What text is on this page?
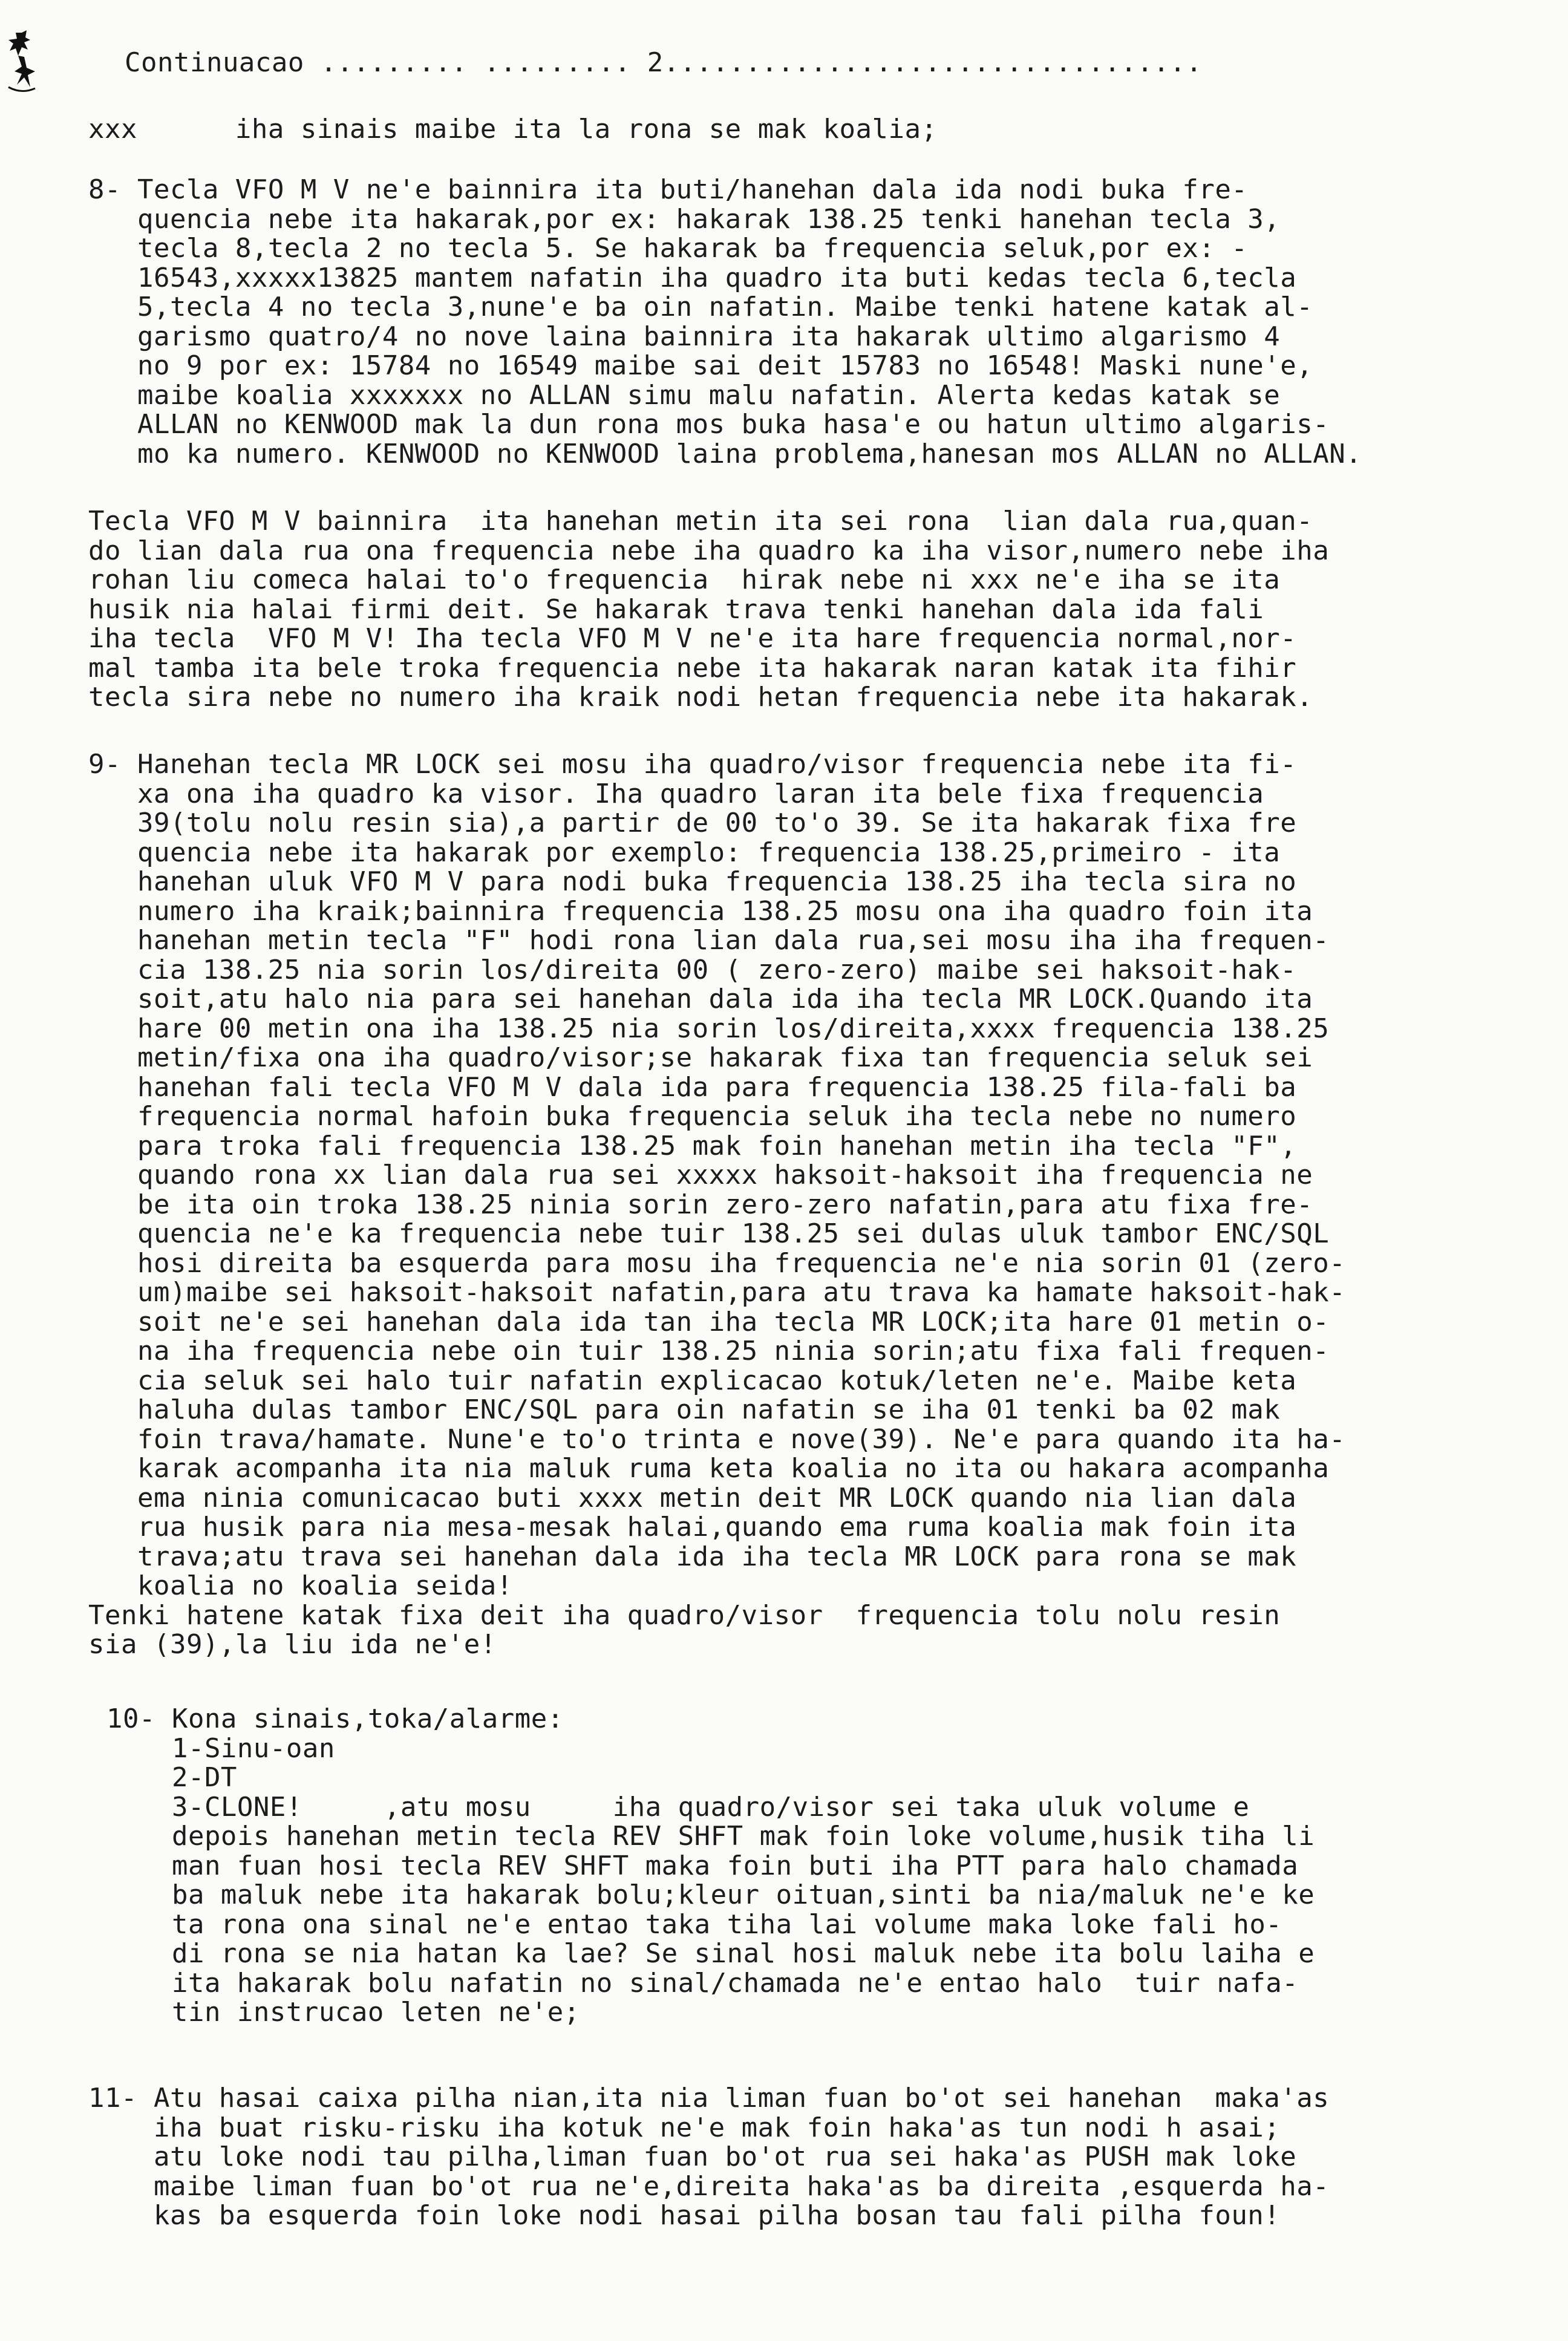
Continuacao ......... ......... 2.................................
xxx      iha sinais maibe ita la rona se mak koalia;
8- Tecla VFO M V ne'e bainnira ita buti/hanehan dala ida nodi buka fre-
quencia nebe ita hakarak,por ex: hakarak 138.25 tenki hanehan tecla 3,
tecla 8,tecla 2 no tecla 5. Se hakarak ba frequencia seluk,por ex: -
16543,xxxxx13825 mantem nafatin iha quadro ita buti kedas tecla 6,tecla
5,tecla 4 no tecla 3,nune'e ba oin nafatin. Maibe tenki hatene katak al-
garismo quatro/4 no nove laina bainnira ita hakarak ultimo algarismo 4
no 9 por ex: 15784 no 16549 maibe sai deit 15783 no 16548! Maski nune'e,
maibe koalia xxxxxxx no ALLAN simu malu nafatin. Alerta kedas katak se
ALLAN no KENWOOD mak la dun rona mos buka hasa'e ou hatun ultimo algaris-
mo ka numero. KENWOOD no KENWOOD laina problema,hanesan mos ALLAN no ALLAN.
Tecla VFO M V bainnira  ita hanehan metin ita sei rona  lian dala rua,quan-
do lian dala rua ona frequencia nebe iha quadro ka iha visor,numero nebe iha
rohan liu comeca halai to'o frequencia  hirak nebe ni xxx ne'e iha se ita
husik nia halai firmi deit. Se hakarak trava tenki hanehan dala ida fali
iha tecla  VFO M V! Iha tecla VFO M V ne'e ita hare frequencia normal,nor-
mal tamba ita bele troka frequencia nebe ita hakarak naran katak ita fihir
tecla sira nebe no numero iha kraik nodi hetan frequencia nebe ita hakarak.
9- Hanehan tecla MR LOCK sei mosu iha quadro/visor frequencia nebe ita fi-
xa ona iha quadro ka visor. Iha quadro laran ita bele fixa frequencia
39(tolu nolu resin sia),a partir de 00 to'o 39. Se ita hakarak fixa fre
quencia nebe ita hakarak por exemplo: frequencia 138.25,primeiro - ita
hanehan uluk VFO M V para nodi buka frequencia 138.25 iha tecla sira no
numero iha kraik;bainnira frequencia 138.25 mosu ona iha quadro foin ita
hanehan metin tecla "F" hodi rona lian dala rua,sei mosu iha iha frequen-
cia 138.25 nia sorin los/direita 00 ( zero-zero) maibe sei haksoit-hak-
soit,atu halo nia para sei hanehan dala ida iha tecla MR LOCK.Quando ita
hare 00 metin ona iha 138.25 nia sorin los/direita,xxxx frequencia 138.25
metin/fixa ona iha quadro/visor;se hakarak fixa tan frequencia seluk sei
hanehan fali tecla VFO M V dala ida para frequencia 138.25 fila-fali ba
frequencia normal hafoin buka frequencia seluk iha tecla nebe no numero
para troka fali frequencia 138.25 mak foin hanehan metin iha tecla "F",
quando rona xx lian dala rua sei xxxxx haksoit-haksoit iha frequencia ne
be ita oin troka 138.25 ninia sorin zero-zero nafatin,para atu fixa fre-
quencia ne'e ka frequencia nebe tuir 138.25 sei dulas uluk tambor ENC/SQL
hosi direita ba esquerda para mosu iha frequencia ne'e nia sorin 01 (zero-
um)maibe sei haksoit-haksoit nafatin,para atu trava ka hamate haksoit-hak-
soit ne'e sei hanehan dala ida tan iha tecla MR LOCK;ita hare 01 metin o-
na iha frequencia nebe oin tuir 138.25 ninia sorin;atu fixa fali frequen-
cia seluk sei halo tuir nafatin explicacao kotuk/leten ne'e. Maibe keta
haluha dulas tambor ENC/SQL para oin nafatin se iha 01 tenki ba 02 mak
foin trava/hamate. Nune'e to'o trinta e nove(39). Ne'e para quando ita ha-
karak acompanha ita nia maluk ruma keta koalia no ita ou hakara acompanha
ema ninia comunicacao buti xxxx metin deit MR LOCK quando nia lian dala
rua husik para nia mesa-mesak halai,quando ema ruma koalia mak foin ita
trava;atu trava sei hanehan dala ida iha tecla MR LOCK para rona se mak
koalia no koalia seida!
Tenki hatene katak fixa deit iha quadro/visor  frequencia tolu nolu resin
sia (39),la liu ida ne'e!
10- Kona sinais,toka/alarme:
1-Sinu-oan
2-DT
3-CLONE!     ,atu mosu     iha quadro/visor sei taka uluk volume e
depois hanehan metin tecla REV SHFT mak foin loke volume,husik tiha li
man fuan hosi tecla REV SHFT maka foin buti iha PTT para halo chamada
ba maluk nebe ita hakarak bolu;kleur oituan,sinti ba nia/maluk ne'e ke
ta rona ona sinal ne'e entao taka tiha lai volume maka loke fali ho-
di rona se nia hatan ka lae? Se sinal hosi maluk nebe ita bolu laiha e
ita hakarak bolu nafatin no sinal/chamada ne'e entao halo  tuir nafa-
tin instrucao leten ne'e;
11- Atu hasai caixa pilha nian,ita nia liman fuan bo'ot sei hanehan  maka'as
iha buat risku-risku iha kotuk ne'e mak foin haka'as tun nodi h asai;
atu loke nodi tau pilha,liman fuan bo'ot rua sei haka'as PUSH mak loke
maibe liman fuan bo'ot rua ne'e,direita haka'as ba direita ,esquerda ha-
kas ba esquerda foin loke nodi hasai pilha bosan tau fali pilha foun!
